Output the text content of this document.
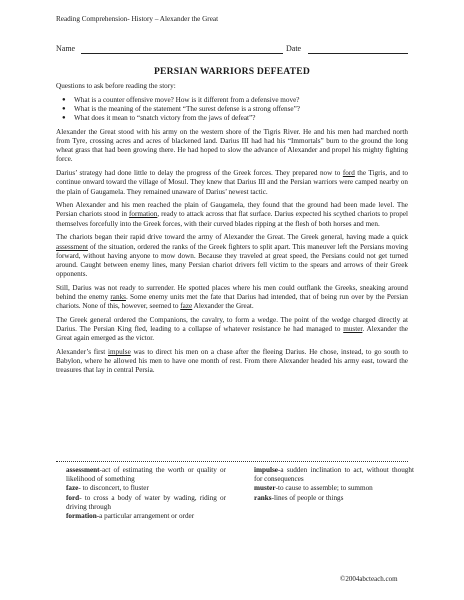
Reading Comprehension- History – Alexander the Great
Name	Date
PERSIAN WARRIORS DEFEATED

Questions to ask before reading the story:

● What is a counter offensive move? How is it different from a defensive move?
● What is the meaning of the statement “The surest defense is a strong offense”?
● What does it mean to “snatch victory from the jaws of defeat”?

Alexander the Great stood with his army on the western shore of the Tigris River. He and his men had marched north from Tyre, crossing acres and acres of blackened land. Darius III had had his “Immortals” burn to the ground the long wheat grass that had been growing there. He had hoped to slow the advance of Alexander and propel his mighty fighting force.

Darius’ strategy had done little to delay the progress of the Greek forces. They prepared now to ford the Tigris, and to continue onward toward the village of Mosul. They knew that Darius III and the Persian warriors were camped nearby on the plain of Gaugamela. They remained unaware of Darius’ newest tactic.

When Alexander and his men reached the plain of Gaugamela, they found that the ground had been made level. The Persian chariots stood in formation, ready to attack across that flat surface. Darius expected his scythed chariots to propel themselves forcefully into the Greek forces, with their curved blades ripping at the flesh of both horses and men.

The chariots began their rapid drive toward the army of Alexander the Great. The Greek general, having made a quick assessment of the situation, ordered the ranks of the Greek fighters to split apart. This maneuver left the Persians moving forward, without having anyone to mow down. Because they traveled at great speed, the Persians could not get turned around. Caught between enemy lines, many Persian chariot drivers fell victim to the spears and arrows of their Greek opponents.

Still, Darius was not ready to surrender. He spotted places where his men could outflank the Greeks, sneaking around behind the enemy ranks. Some enemy units met the fate that Darius had intended, that of being run over by the Persian chariots. None of this, however, seemed to faze Alexander the Great.

The Greek general ordered the Companions, the cavalry, to form a wedge. The point of the wedge charged directly at Darius. The Persian King fled, leading to a collapse of whatever resistance he had managed to muster. Alexander the Great again emerged as the victor.

Alexander’s first impulse was to direct his men on a chase after the fleeing Darius. He chose, instead, to go south to Babylon, where he allowed his men to have one month of rest. From there Alexander headed his army east, toward the treasures that lay in central Persia.

assessment-act of estimating the worth or quality or likelihood of something

faze- to disconcert, to fluster

ford- to cross a body of water by wading, riding or driving through

formation-a particular arrangement or order

impulse-a sudden inclination to act, without thought for consequences

muster-to cause to assemble; to summon

ranks-lines of people or things

©2004abcteach.com
